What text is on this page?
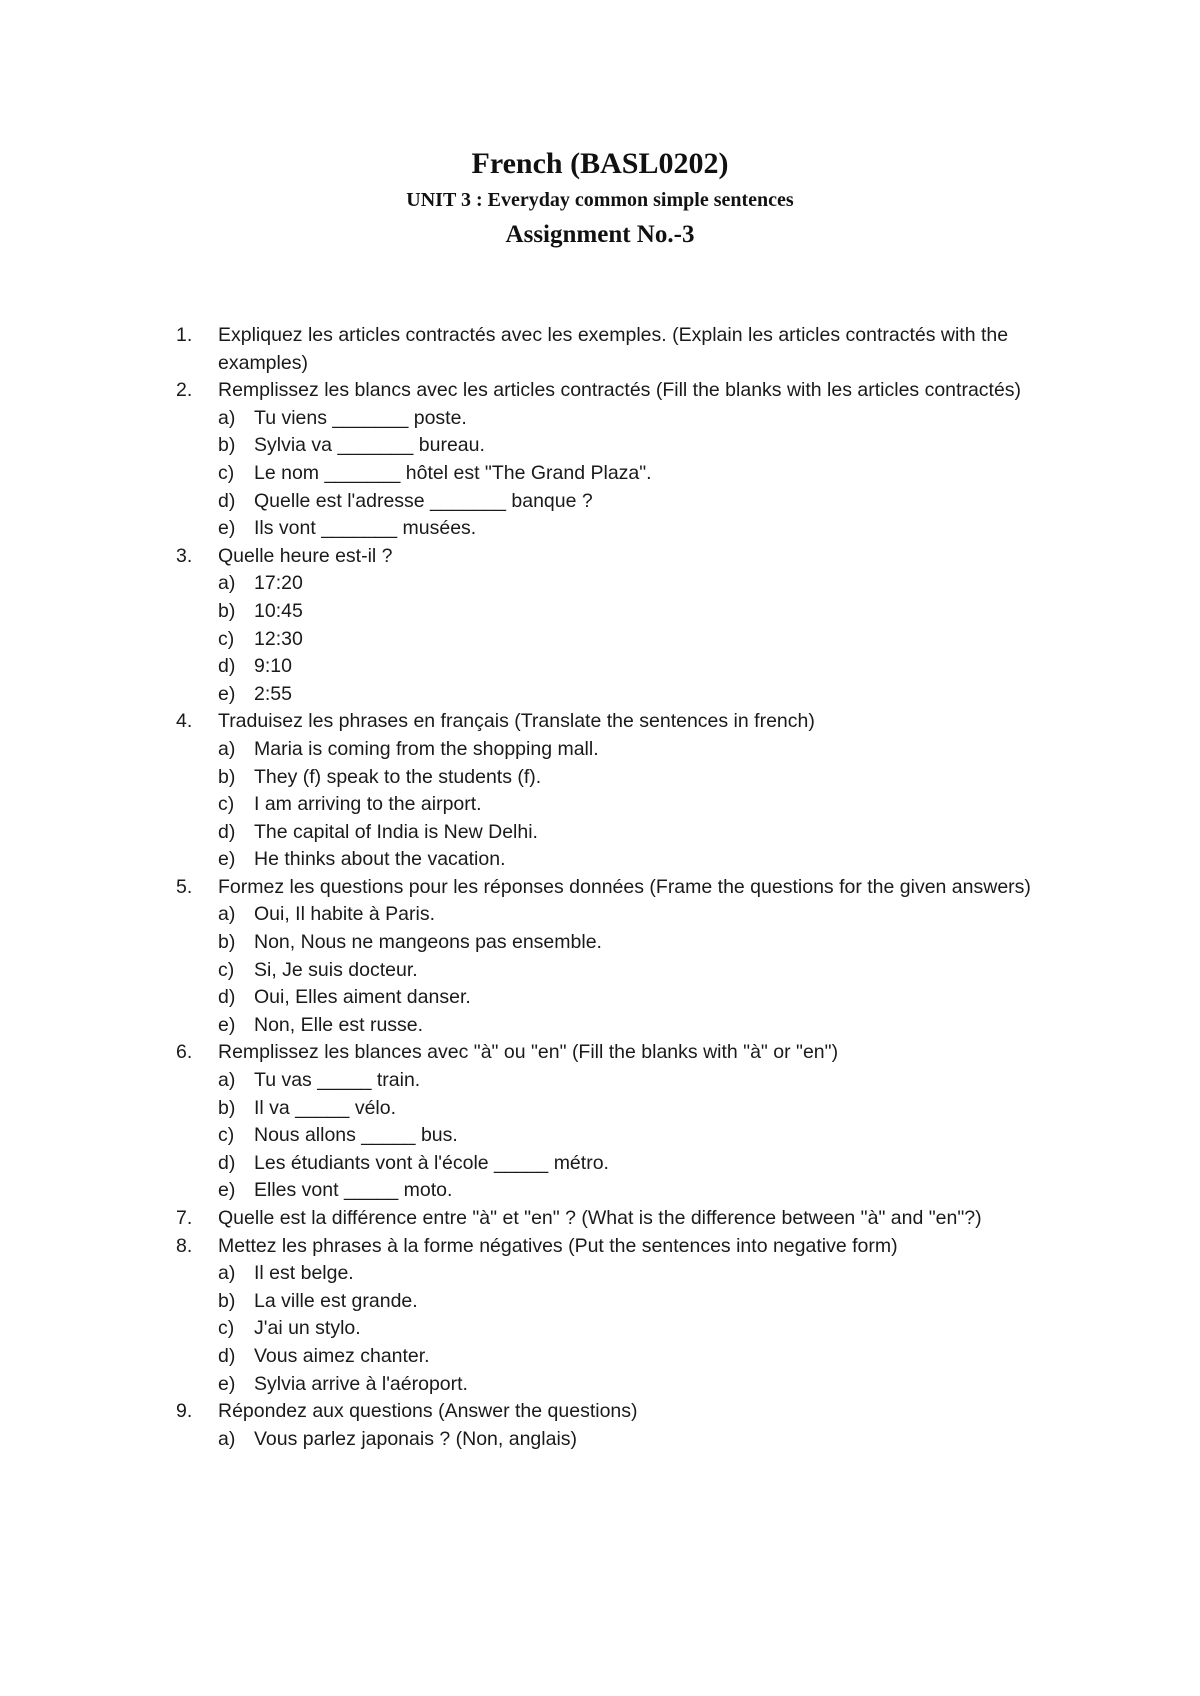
French (BASL0202)
UNIT 3 : Everyday common simple sentences
Assignment No.-3
1.	Expliquez les articles contractés avec les exemples. (Explain les articles contractés with the examples)
2.	Remplissez les blancs avec les articles contractés (Fill the blanks with les articles contractés)
a) Tu viens _______ poste.
b) Sylvia va _______ bureau.
c) Le nom _______ hôtel est "The Grand Plaza".
d) Quelle est l'adresse _______ banque ?
e) Ils vont _______ musées.
3.	Quelle heure est-il ?
a) 17:20
b) 10:45
c) 12:30
d) 9:10
e) 2:55
4.	Traduisez les phrases en français (Translate the sentences in french)
a) Maria is coming from the shopping mall.
b) They (f) speak to the students (f).
c) I am arriving to the airport.
d) The capital of India is New Delhi.
e) He thinks about the vacation.
5.	Formez les questions pour les réponses données (Frame the questions for the given answers)
a) Oui, Il habite à Paris.
b) Non, Nous ne mangeons pas ensemble.
c) Si, Je suis docteur.
d) Oui, Elles aiment danser.
e) Non, Elle est russe.
6.	Remplissez les blances avec "à" ou "en" (Fill the blanks with "à" or "en")
a) Tu vas _____ train.
b) Il va _____ vélo.
c) Nous allons _____ bus.
d) Les étudiants vont à l'école _____ métro.
e) Elles vont _____ moto.
7.	Quelle est la différence entre "à" et "en" ? (What is the difference between "à" and "en"?)
8.	Mettez les phrases à la forme négatives (Put the sentences into negative form)
a) Il est belge.
b) La ville est grande.
c) J'ai un stylo.
d) Vous aimez chanter.
e) Sylvia arrive à l'aéroport.
9.	Répondez aux questions (Answer the questions)
a) Vous parlez japonais ? (Non, anglais)
